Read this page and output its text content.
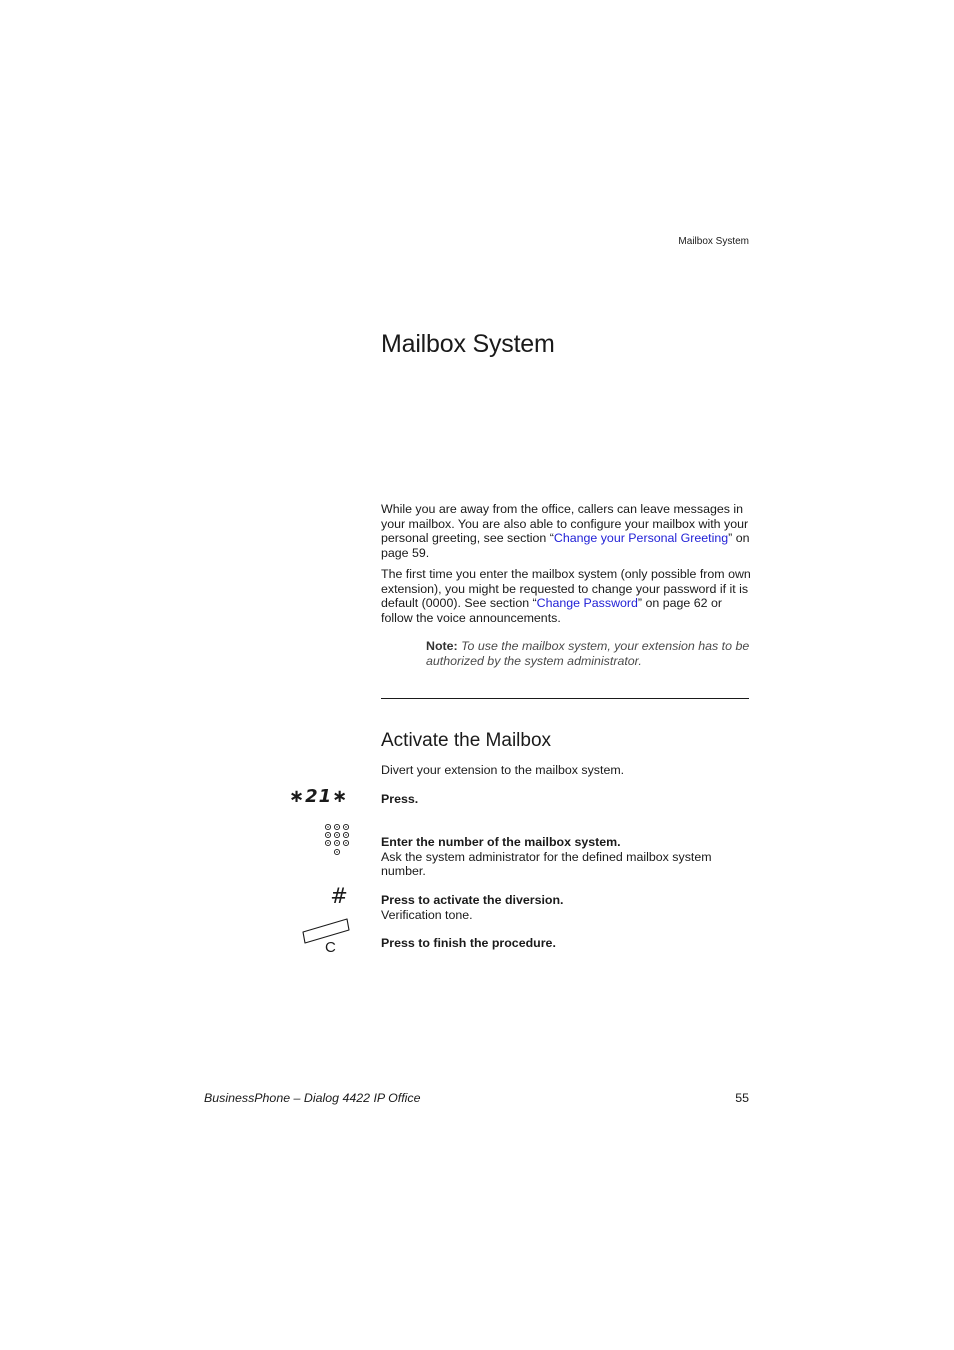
Mailbox System
Mailbox System

While you are away from the office, callers can leave messages in your mailbox. You are also able to configure your mailbox with your personal greeting, see section “Change your Personal Greeting” on page 59.

The first time you enter the mailbox system (only possible from own extension), you might be requested to change your password if it is default (0000). See section “Change Password” on page 62 or follow the voice announcements.

Note: To use the mailbox system, your extension has to be authorized by the system administrator.

Activate the Mailbox
Divert your extension to the mailbox system.
∗21∗	Press.
Enter the number of the mailbox system.
Ask the system administrator for the defined mailbox system number.
#	Press to activate the diversion.
Verification tone.
C	Press to finish the procedure.
BusinessPhone – Dialog 4422 IP Office	55
